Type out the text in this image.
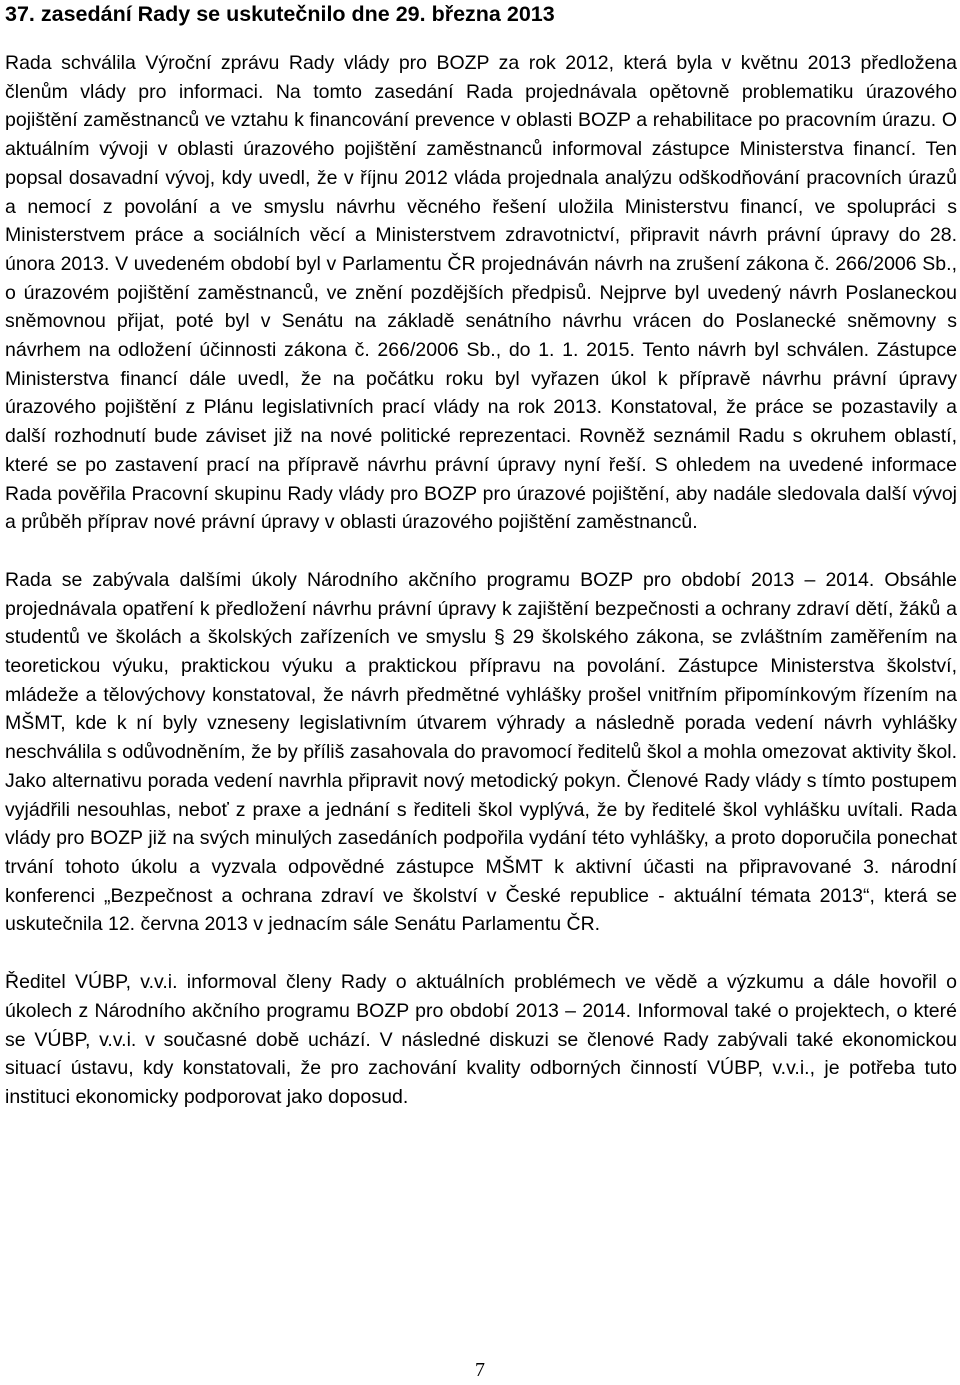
37. zasedání Rady se uskutečnilo dne 29. března 2013

Rada schválila Výroční zprávu Rady vlády pro BOZP za rok 2012, která byla v květnu 2013 předložena členům vlády pro informaci. Na tomto zasedání Rada projednávala opětovně problematiku úrazového pojištění zaměstnanců ve vztahu k financování prevence v oblasti BOZP a rehabilitace po pracovním úrazu. O aktuálním vývoji v oblasti úrazového pojištění zaměstnanců informoval zástupce Ministerstva financí. Ten popsal dosavadní vývoj, kdy uvedl, že v říjnu 2012 vláda projednala analýzu odškodňování pracovních úrazů a nemocí z povolání a ve smyslu návrhu věcného řešení uložila Ministerstvu financí, ve spolupráci s Ministerstvem práce a sociálních věcí a Ministerstvem zdravotnictví, připravit návrh právní úpravy do 28. února 2013. V uvedeném období byl v Parlamentu ČR projednáván návrh na zrušení zákona č. 266/2006 Sb., o úrazovém pojištění zaměstnanců, ve znění pozdějších předpisů. Nejprve byl uvedený návrh Poslaneckou sněmovnou přijat, poté byl v Senátu na základě senátního návrhu vrácen do Poslanecké sněmovny s návrhem na odložení účinnosti zákona č. 266/2006 Sb., do 1. 1. 2015. Tento návrh byl schválen. Zástupce Ministerstva financí dále uvedl, že na počátku roku byl vyřazen úkol k přípravě návrhu právní úpravy úrazového pojištění z Plánu legislativních prací vlády na rok 2013. Konstatoval, že práce se pozastavily a další rozhodnutí bude záviset již na nové politické reprezentaci. Rovněž seznámil Radu s okruhem oblastí, které se po zastavení prací na přípravě návrhu právní úpravy nyní řeší. S ohledem na uvedené informace Rada pověřila Pracovní skupinu Rady vlády pro BOZP pro úrazové pojištění, aby nadále sledovala další vývoj a průběh příprav nové právní úpravy v oblasti úrazového pojištění zaměstnanců.

Rada se zabývala dalšími úkoly Národního akčního programu BOZP pro období 2013 – 2014. Obsáhle projednávala opatření k předložení návrhu právní úpravy k zajištění bezpečnosti a ochrany zdraví dětí, žáků a studentů ve školách a školských zařízeních ve smyslu § 29 školského zákona, se zvláštním zaměřením na teoretickou výuku, praktickou výuku a praktickou přípravu na povolání. Zástupce Ministerstva školství, mládeže a tělovýchovy konstatoval, že návrh předmětné vyhlášky prošel vnitřním připomínkovým řízením na MŠMT, kde k ní byly vzneseny legislativním útvarem výhrady a následně porada vedení návrh vyhlášky neschválila s odůvodněním, že by příliš zasahovala do pravomocí ředitelů škol a mohla omezovat aktivity škol. Jako alternativu porada vedení navrhla připravit nový metodický pokyn. Členové Rady vlády s tímto postupem vyjádřili nesouhlas, neboť z praxe a jednání s řediteli škol vyplývá, že by ředitelé škol vyhlášku uvítali. Rada vlády pro BOZP již na svých minulých zasedáních podpořila vydání této vyhlášky, a proto doporučila ponechat trvání tohoto úkolu a vyzvala odpovědné zástupce MŠMT k aktivní účasti na připravované 3. národní konferenci „Bezpečnost a ochrana zdraví ve školství v České republice - aktuální témata 2013“, která se uskutečnila 12. června 2013 v jednacím sále Senátu Parlamentu ČR.

Ředitel VÚBP, v.v.i. informoval členy Rady o aktuálních problémech ve vědě a výzkumu a dále hovořil o úkolech z Národního akčního programu BOZP pro období 2013 – 2014. Informoval také o projektech, o které se VÚBP, v.v.i. v současné době uchází. V následné diskuzi se členové Rady zabývali také ekonomickou situací ústavu, kdy konstatovali, že pro zachování kvality odborných činností VÚBP, v.v.i., je potřeba tuto instituci ekonomicky podporovat jako doposud.

7
